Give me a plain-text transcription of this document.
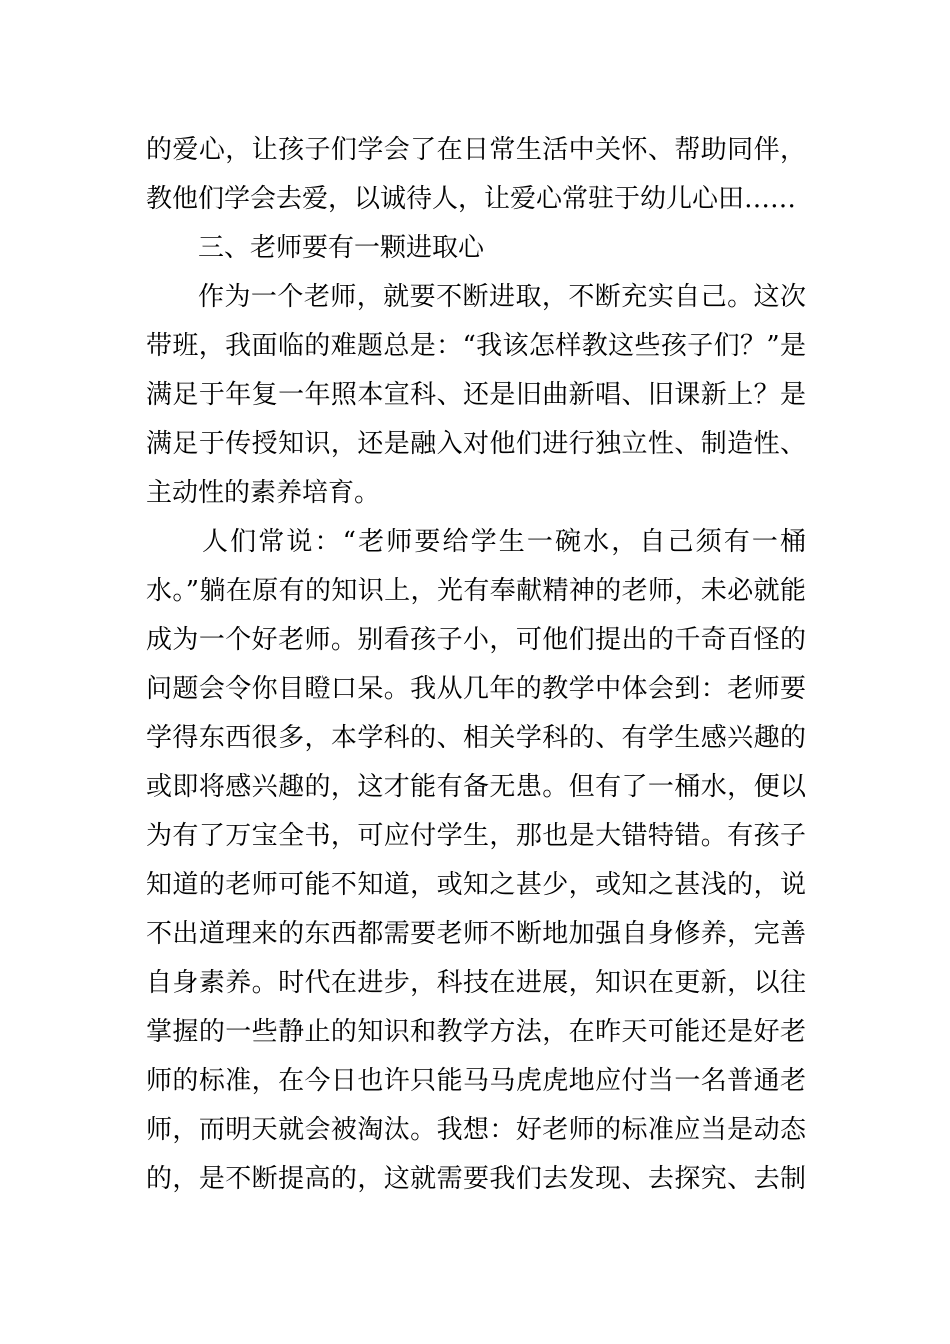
的爱心，让孩子们学会了在日常生活中关怀、帮助同伴，
教他们学会去爱，以诚待人，让爱心常驻于幼儿心田……
三、老师要有一颗进取心
作为一个老师，就要不断进取，不断充实自己。这次
带班，我面临的难题总是：“我该怎样教这些孩子们？”是
满足于年复一年照本宣科、还是旧曲新唱、旧课新上？是
满足于传授知识，还是融入对他们进行独立性、制造性、
主动性的素养培育。
人们常说：“老师要给学生一碗水，自己须有一桶
水。”躺在原有的知识上，光有奉献精神的老师，未必就能
成为一个好老师。别看孩子小，可他们提出的千奇百怪的
问题会令你目瞪口呆。我从几年的教学中体会到：老师要
学得东西很多，本学科的、相关学科的、有学生感兴趣的
或即将感兴趣的，这才能有备无患。但有了一桶水，便以
为有了万宝全书，可应付学生，那也是大错特错。有孩子
知道的老师可能不知道，或知之甚少，或知之甚浅的，说
不出道理来的东西都需要老师不断地加强自身修养，完善
自身素养。时代在进步，科技在进展，知识在更新，以往
掌握的一些静止的知识和教学方法，在昨天可能还是好老
师的标准，在今日也许只能马马虎虎地应付当一名普通老
师，而明天就会被淘汰。我想：好老师的标准应当是动态
的，是不断提高的，这就需要我们去发现、去探究、去制
